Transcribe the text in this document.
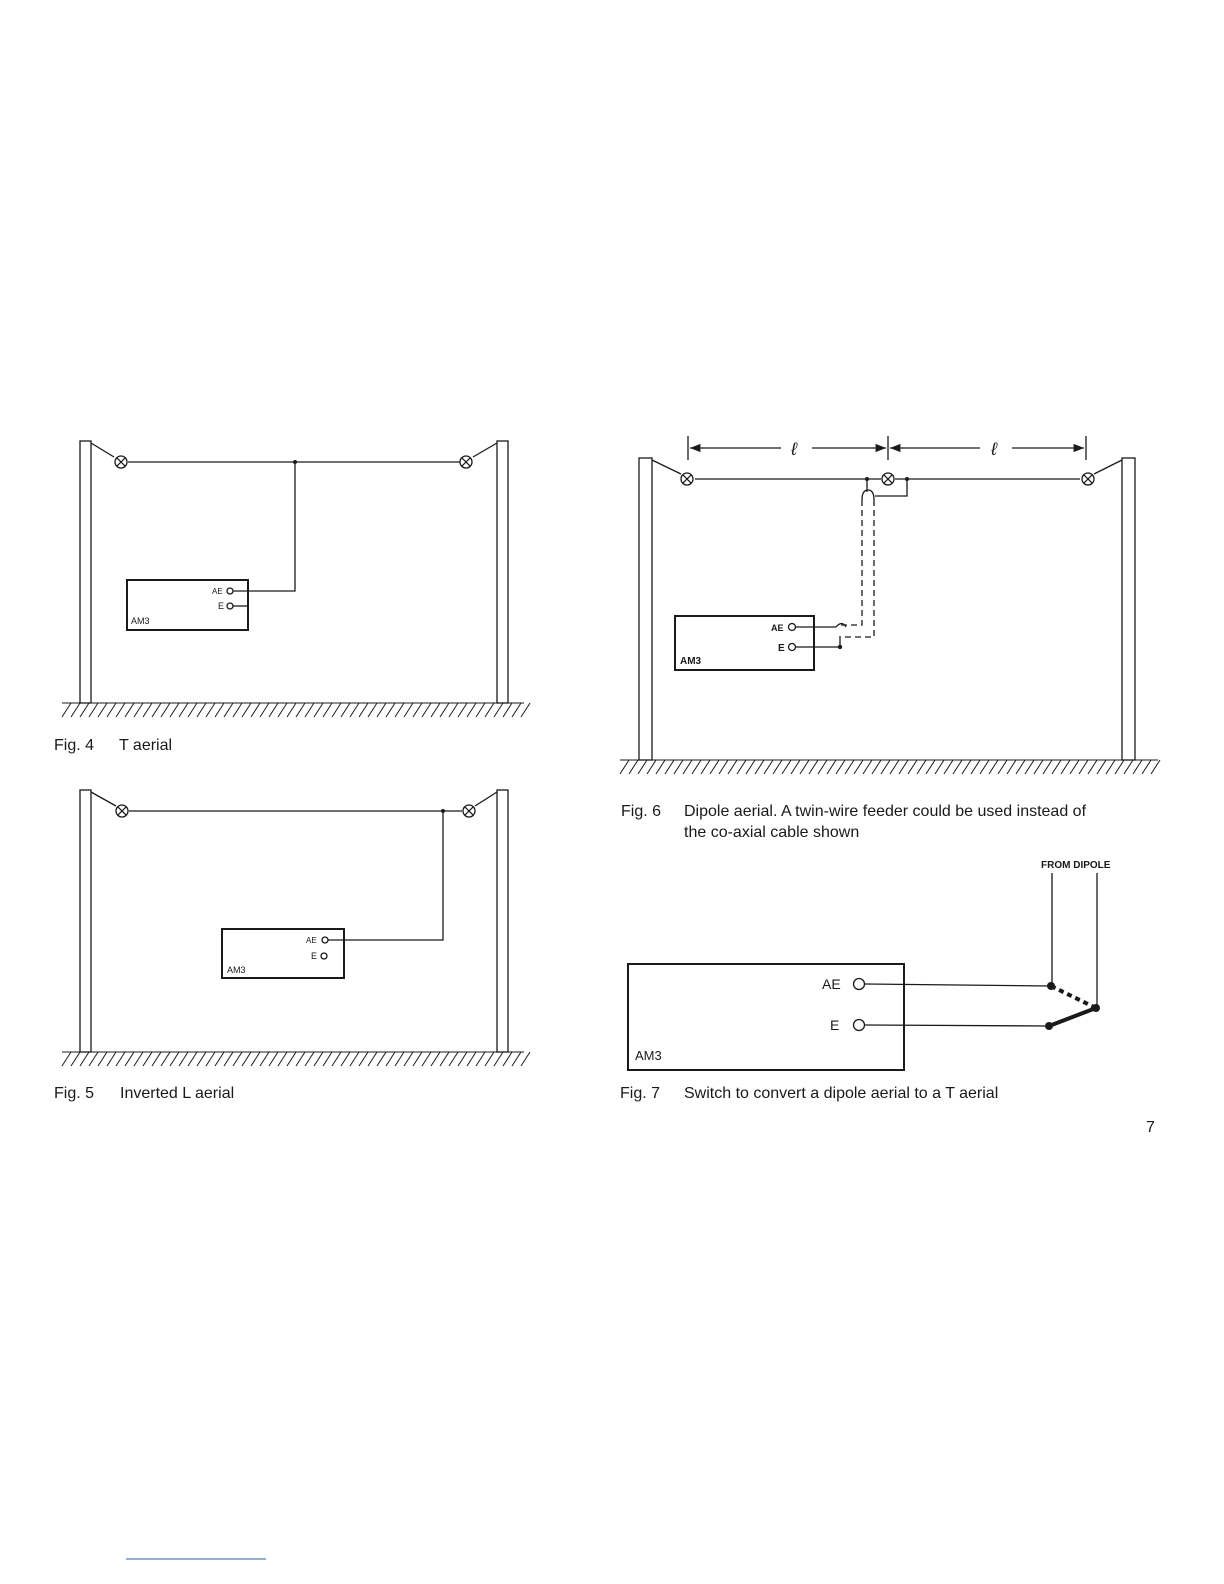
AE
E
AM3
Fig. 4 T aerial
AE
E
AM3
Fig. 5 Inverted L aerial
ℓ	ℓ
AE
E
AM3
Fig. 6 Dipole aerial. A twin-wire feeder could be used instead of
the co-axial cable shown
FROM DIPOLE
AE
E
AM3
Fig. 7 Switch to convert a dipole aerial to a T aerial
7
